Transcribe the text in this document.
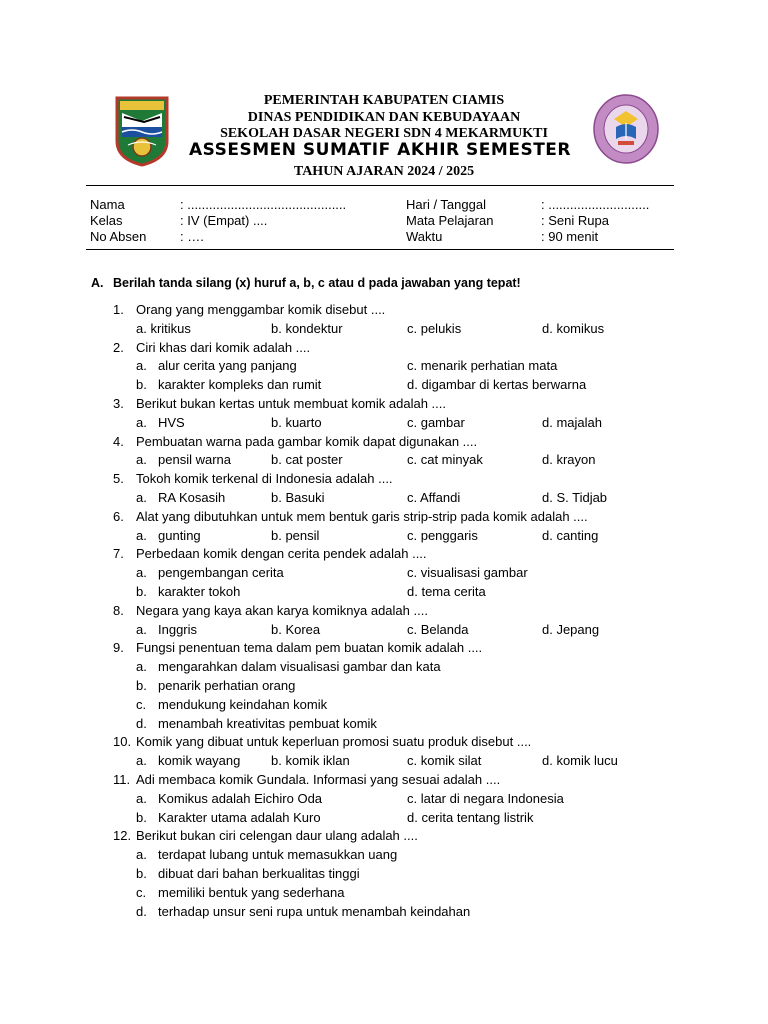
PEMERINTAH KABUPATEN CIAMIS
DINAS PENDIDIKAN DAN KEBUDAYAAN
SEKOLAH DASAR NEGERI SDN 4 MEKARMUKTI
ASSESMEN SUMATIF AKHIR SEMESTER
TAHUN AJARAN 2024 / 2025
Nama	: ............................................
Kelas	: IV (Empat) ....
No Absen	: ….
Hari / Tanggal	: ............................
Mata Pelajaran	: Seni Rupa
Waktu	: 90 menit
A. Berilah tanda silang (x) huruf a, b, c atau d pada jawaban yang tepat!
1. Orang yang menggambar komik disebut ....
a. kritikus	b. kondektur	c. pelukis	d. komikus
2. Ciri khas dari komik adalah ....
a. alur cerita yang panjang	c. menarik perhatian mata
b. karakter kompleks dan rumit	d. digambar di kertas berwarna
3. Berikut bukan kertas untuk membuat komik adalah ....
a. HVS	b. kuarto	c. gambar	d. majalah
4. Pembuatan warna pada gambar komik dapat digunakan ....
a. pensil warna	b. cat poster	c. cat minyak	d. krayon
5. Tokoh komik terkenal di Indonesia adalah ....
a. RA Kosasih	b. Basuki	c. Affandi	d. S. Tidjab
6. Alat yang dibutuhkan untuk mem bentuk garis strip-strip pada komik adalah ....
a. gunting	b. pensil	c. penggaris	d. canting
7. Perbedaan komik dengan cerita pendek adalah ....
a. pengembangan cerita	c. visualisasi gambar
b. karakter tokoh	d. tema cerita
8. Negara yang kaya akan karya komiknya adalah ....
a. Inggris	b. Korea	c. Belanda	d. Jepang
9. Fungsi penentuan tema dalam pem buatan komik adalah ....
a. mengarahkan dalam visualisasi gambar dan kata
b. penarik perhatian orang
c. mendukung keindahan komik
d. menambah kreativitas pembuat komik
10. Komik yang dibuat untuk keperluan promosi suatu produk disebut ....
a. komik wayang b. komik iklan	c. komik silat	d. komik lucu
11. Adi membaca komik Gundala. Informasi yang sesuai adalah ....
a. Komikus adalah Eichiro Oda	c. latar di negara Indonesia
b. Karakter utama adalah Kuro	d. cerita tentang listrik
12. Berikut bukan ciri celengan daur ulang adalah ....
a. terdapat lubang untuk memasukkan uang
b. dibuat dari bahan berkualitas tinggi
c. memiliki bentuk yang sederhana
d. terhadap unsur seni rupa untuk menambah keindahan
